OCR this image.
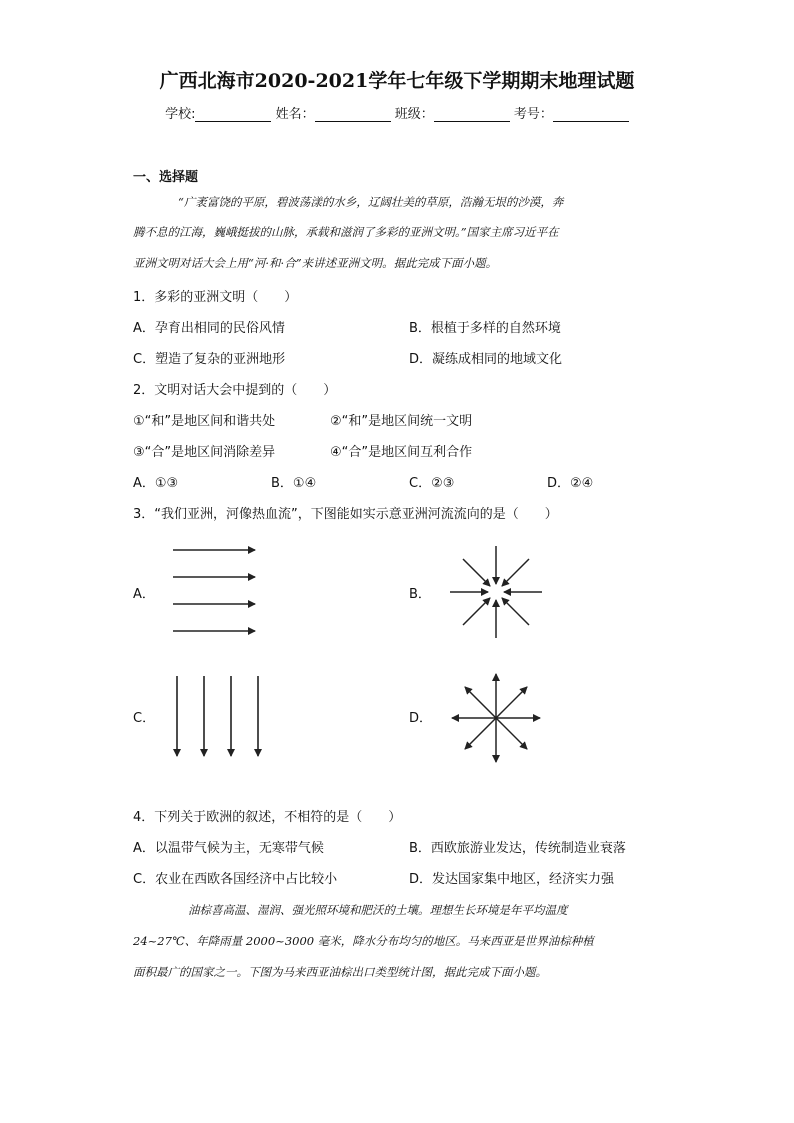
广西北海市2020-2021学年七年级下学期期末地理试题
学校:	姓名：	班级：	考号：
一、选择题
“广袤富饶的平原，碧波荡漾的水乡，辽阔壮美的草原，浩瀚无垠的沙漠，奔
腾不息的江海，巍峨挺拔的山脉，承载和滋润了多彩的亚洲文明。”国家主席习近平在
亚洲文明对话大会上用“河·和·合”来讲述亚洲文明。据此完成下面小题。
1．多彩的亚洲文明（　　）
A．孕育出相同的民俗风情	B．根植于多样的自然环境
C．塑造了复杂的亚洲地形	D．凝练成相同的地域文化
2．文明对话大会中提到的（　　）
①“和”是地区间和谐共处	②“和”是地区间统一文明
③“合”是地区间消除差异	④“合”是地区间互利合作
A．①③	B．①④	C．②③	D．②④
3．“我们亚洲，河像热血流”，下图能如实示意亚洲河流流向的是（　　）
A．	B．
C．	D．
4．下列关于欧洲的叙述，不相符的是（　　）
A．以温带气候为主，无寒带气候	B．西欧旅游业发达，传统制造业衰落
C．农业在西欧各国经济中占比较小	D．发达国家集中地区，经济实力强
油棕喜高温、湿润、强光照环境和肥沃的土壤。理想生长环境是年平均温度
24~27℃、年降雨量 2000~3000 毫米，降水分布均匀的地区。马来西亚是世界油棕种植
面积最广的国家之一。下图为马来西亚油棕出口类型统计图，据此完成下面小题。
